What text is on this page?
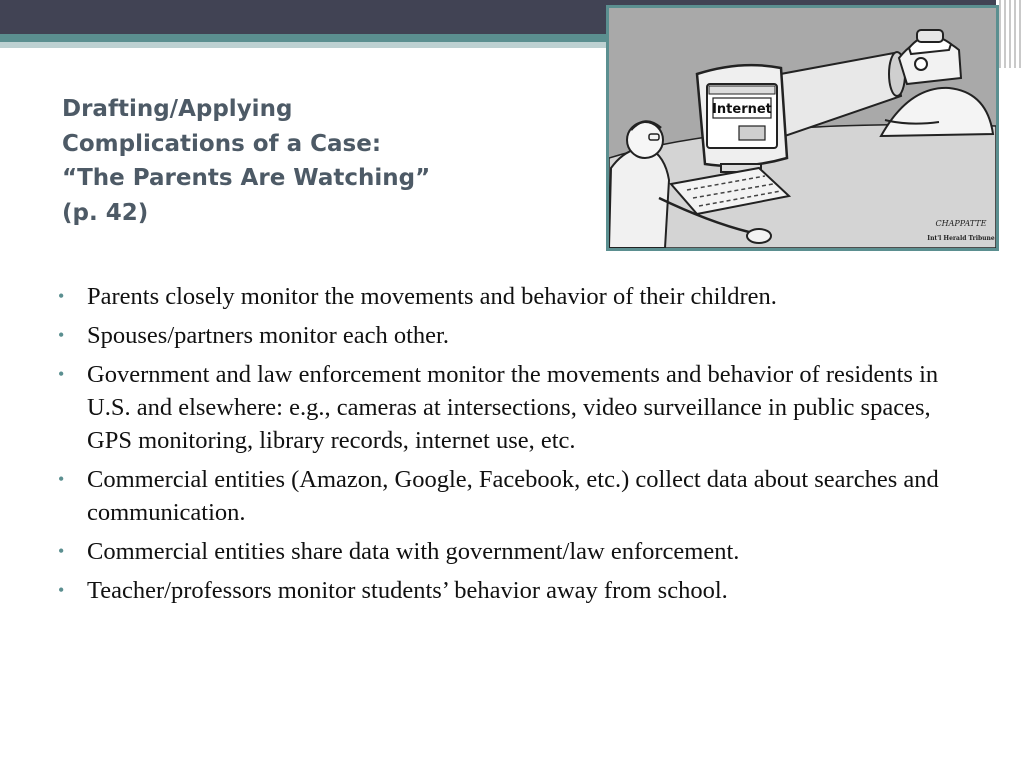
Drafting/Applying
Complications of a Case:
“The Parents Are Watching”
(p. 42)
Internet
CHAPPATTE
Int'l Herald Tribune
• Parents closely monitor the movements and behavior of their children.
• Spouses/partners monitor each other.
• Government and law enforcement monitor the movements and behavior of residents in U.S. and elsewhere: e.g., cameras at intersections, video surveillance in public spaces, GPS monitoring, library records, internet use, etc.
• Commercial entities (Amazon, Google, Facebook, etc.) collect data about searches and communication.
• Commercial entities share data with government/law enforcement.
• Teacher/professors monitor students’ behavior away from school.
